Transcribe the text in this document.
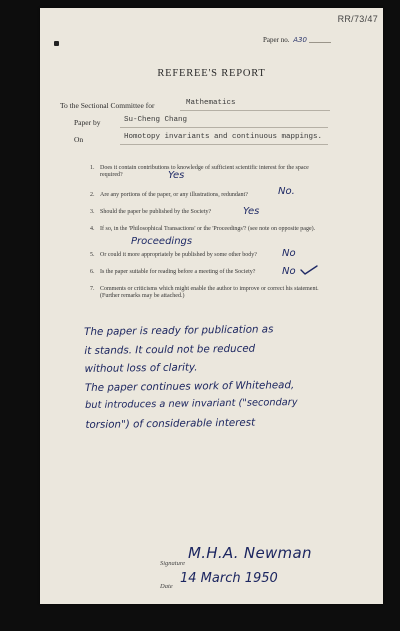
RR/73/47
Paper no. A30
REFEREE'S REPORT
To the Sectional Committee for	Mathematics
Paper by	Su-Cheng Chang
On	Homotopy invariants and continuous mappings.
1. Does it contain contributions to knowledge of sufficient scientific interest for the space required?	Yes
2. Are any portions of the paper, or any illustrations, redundant?	No.
3. Should the paper be published by the Society?	Yes
4. If so, in the 'Philosophical Transactions' or the 'Proceedings'? (see note on opposite page).
Proceedings
5. Or could it more appropriately be published by some other body?	No
6. Is the paper suitable for reading before a meeting of the Society?	No
7. Comments or criticisms which might enable the author to improve or correct his statement. (Further remarks may be attached.)
The paper is ready for publication as
it stands. It could not be reduced
without loss of clarity.
The paper continues work of Whitehead,
but introduces a new invariant ("secondary
torsion") of considerable interest
Signature
M.H.A. Newman
Date
14 March 1950
